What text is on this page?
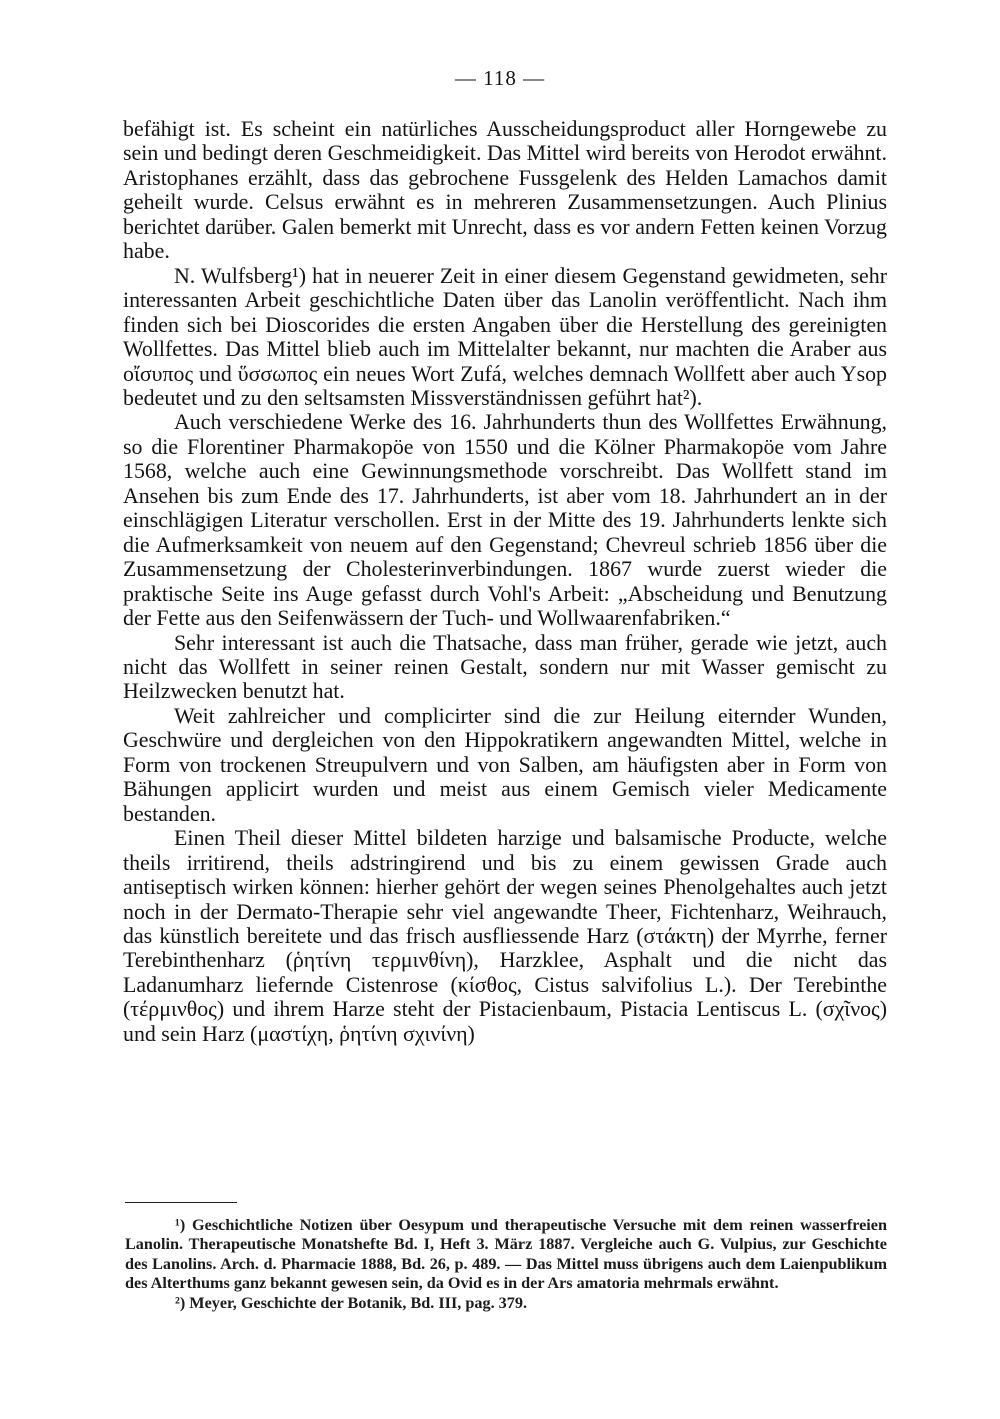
— 118 —

befähigt ist. Es scheint ein natürliches Ausscheidungsproduct aller Horngewebe zu sein und bedingt deren Geschmeidigkeit. Das Mittel wird bereits von Herodot erwähnt. Aristophanes erzählt, dass das gebrochene Fussgelenk des Helden Lamachos damit geheilt wurde. Celsus erwähnt es in mehreren Zusammensetzungen. Auch Plinius berichtet darüber. Galen bemerkt mit Unrecht, dass es vor andern Fetten keinen Vorzug habe.

N. Wulfsberg¹) hat in neuerer Zeit in einer diesem Gegenstand gewidmeten, sehr interessanten Arbeit geschichtliche Daten über das Lanolin veröffentlicht. Nach ihm finden sich bei Dioscorides die ersten Angaben über die Herstellung des gereinigten Wollfettes. Das Mittel blieb auch im Mittelalter bekannt, nur machten die Araber aus οἴσυπος und ὕσσωπος ein neues Wort Zufá, welches demnach Wollfett aber auch Ysop bedeutet und zu den seltsamsten Missverständnissen geführt hat²).

Auch verschiedene Werke des 16. Jahrhunderts thun des Wollfettes Erwähnung, so die Florentiner Pharmakopöe von 1550 und die Kölner Pharmakopöe vom Jahre 1568, welche auch eine Gewinnungsmethode vorschreibt. Das Wollfett stand im Ansehen bis zum Ende des 17. Jahrhunderts, ist aber vom 18. Jahrhundert an in der einschlägigen Literatur verschollen. Erst in der Mitte des 19. Jahrhunderts lenkte sich die Aufmerksamkeit von neuem auf den Gegenstand; Chevreul schrieb 1856 über die Zusammensetzung der Cholesterinverbindungen. 1867 wurde zuerst wieder die praktische Seite ins Auge gefasst durch Vohl's Arbeit: „Abscheidung und Benutzung der Fette aus den Seifenwässern der Tuch- und Wollwaarenfabriken.“

Sehr interessant ist auch die Thatsache, dass man früher, gerade wie jetzt, auch nicht das Wollfett in seiner reinen Gestalt, sondern nur mit Wasser gemischt zu Heilzwecken benutzt hat.

Weit zahlreicher und complicirter sind die zur Heilung eiternder Wunden, Geschwüre und dergleichen von den Hippokratikern angewandten Mittel, welche in Form von trockenen Streupulvern und von Salben, am häufigsten aber in Form von Bähungen applicirt wurden und meist aus einem Gemisch vieler Medicamente bestanden.

Einen Theil dieser Mittel bildeten harzige und balsamische Producte, welche theils irritirend, theils adstringirend und bis zu einem gewissen Grade auch antiseptisch wirken können: hierher gehört der wegen seines Phenolgehaltes auch jetzt noch in der Dermato-Therapie sehr viel angewandte Theer, Fichtenharz, Weihrauch, das künstlich bereitete und das frisch ausfliessende Harz (στάκτη) der Myrrhe, ferner Terebinthenharz (ῥητίνη τερμινθίνη), Harzklee, Asphalt und die nicht das Ladanumharz liefernde Cistenrose (κίσθος, Cistus salvifolius L.). Der Terebinthe (τέρμινθος) und ihrem Harze steht der Pistacienbaum, Pistacia Lentiscus L. (σχῖνος) und sein Harz (μαστίχη, ῥητίνη σχινίνη)

¹) Geschichtliche Notizen über Oesypum und therapeutische Versuche mit dem reinen wasserfreien Lanolin. Therapeutische Monatshefte Bd. I, Heft 3. März 1887. Vergleiche auch G. Vulpius, zur Geschichte des Lanolins. Arch. d. Pharmacie 1888, Bd. 26, p. 489. — Das Mittel muss übrigens auch dem Laienpublikum des Alterthums ganz bekannt gewesen sein, da Ovid es in der Ars amatoria mehrmals erwähnt.

²) Meyer, Geschichte der Botanik, Bd. III, pag. 379.
